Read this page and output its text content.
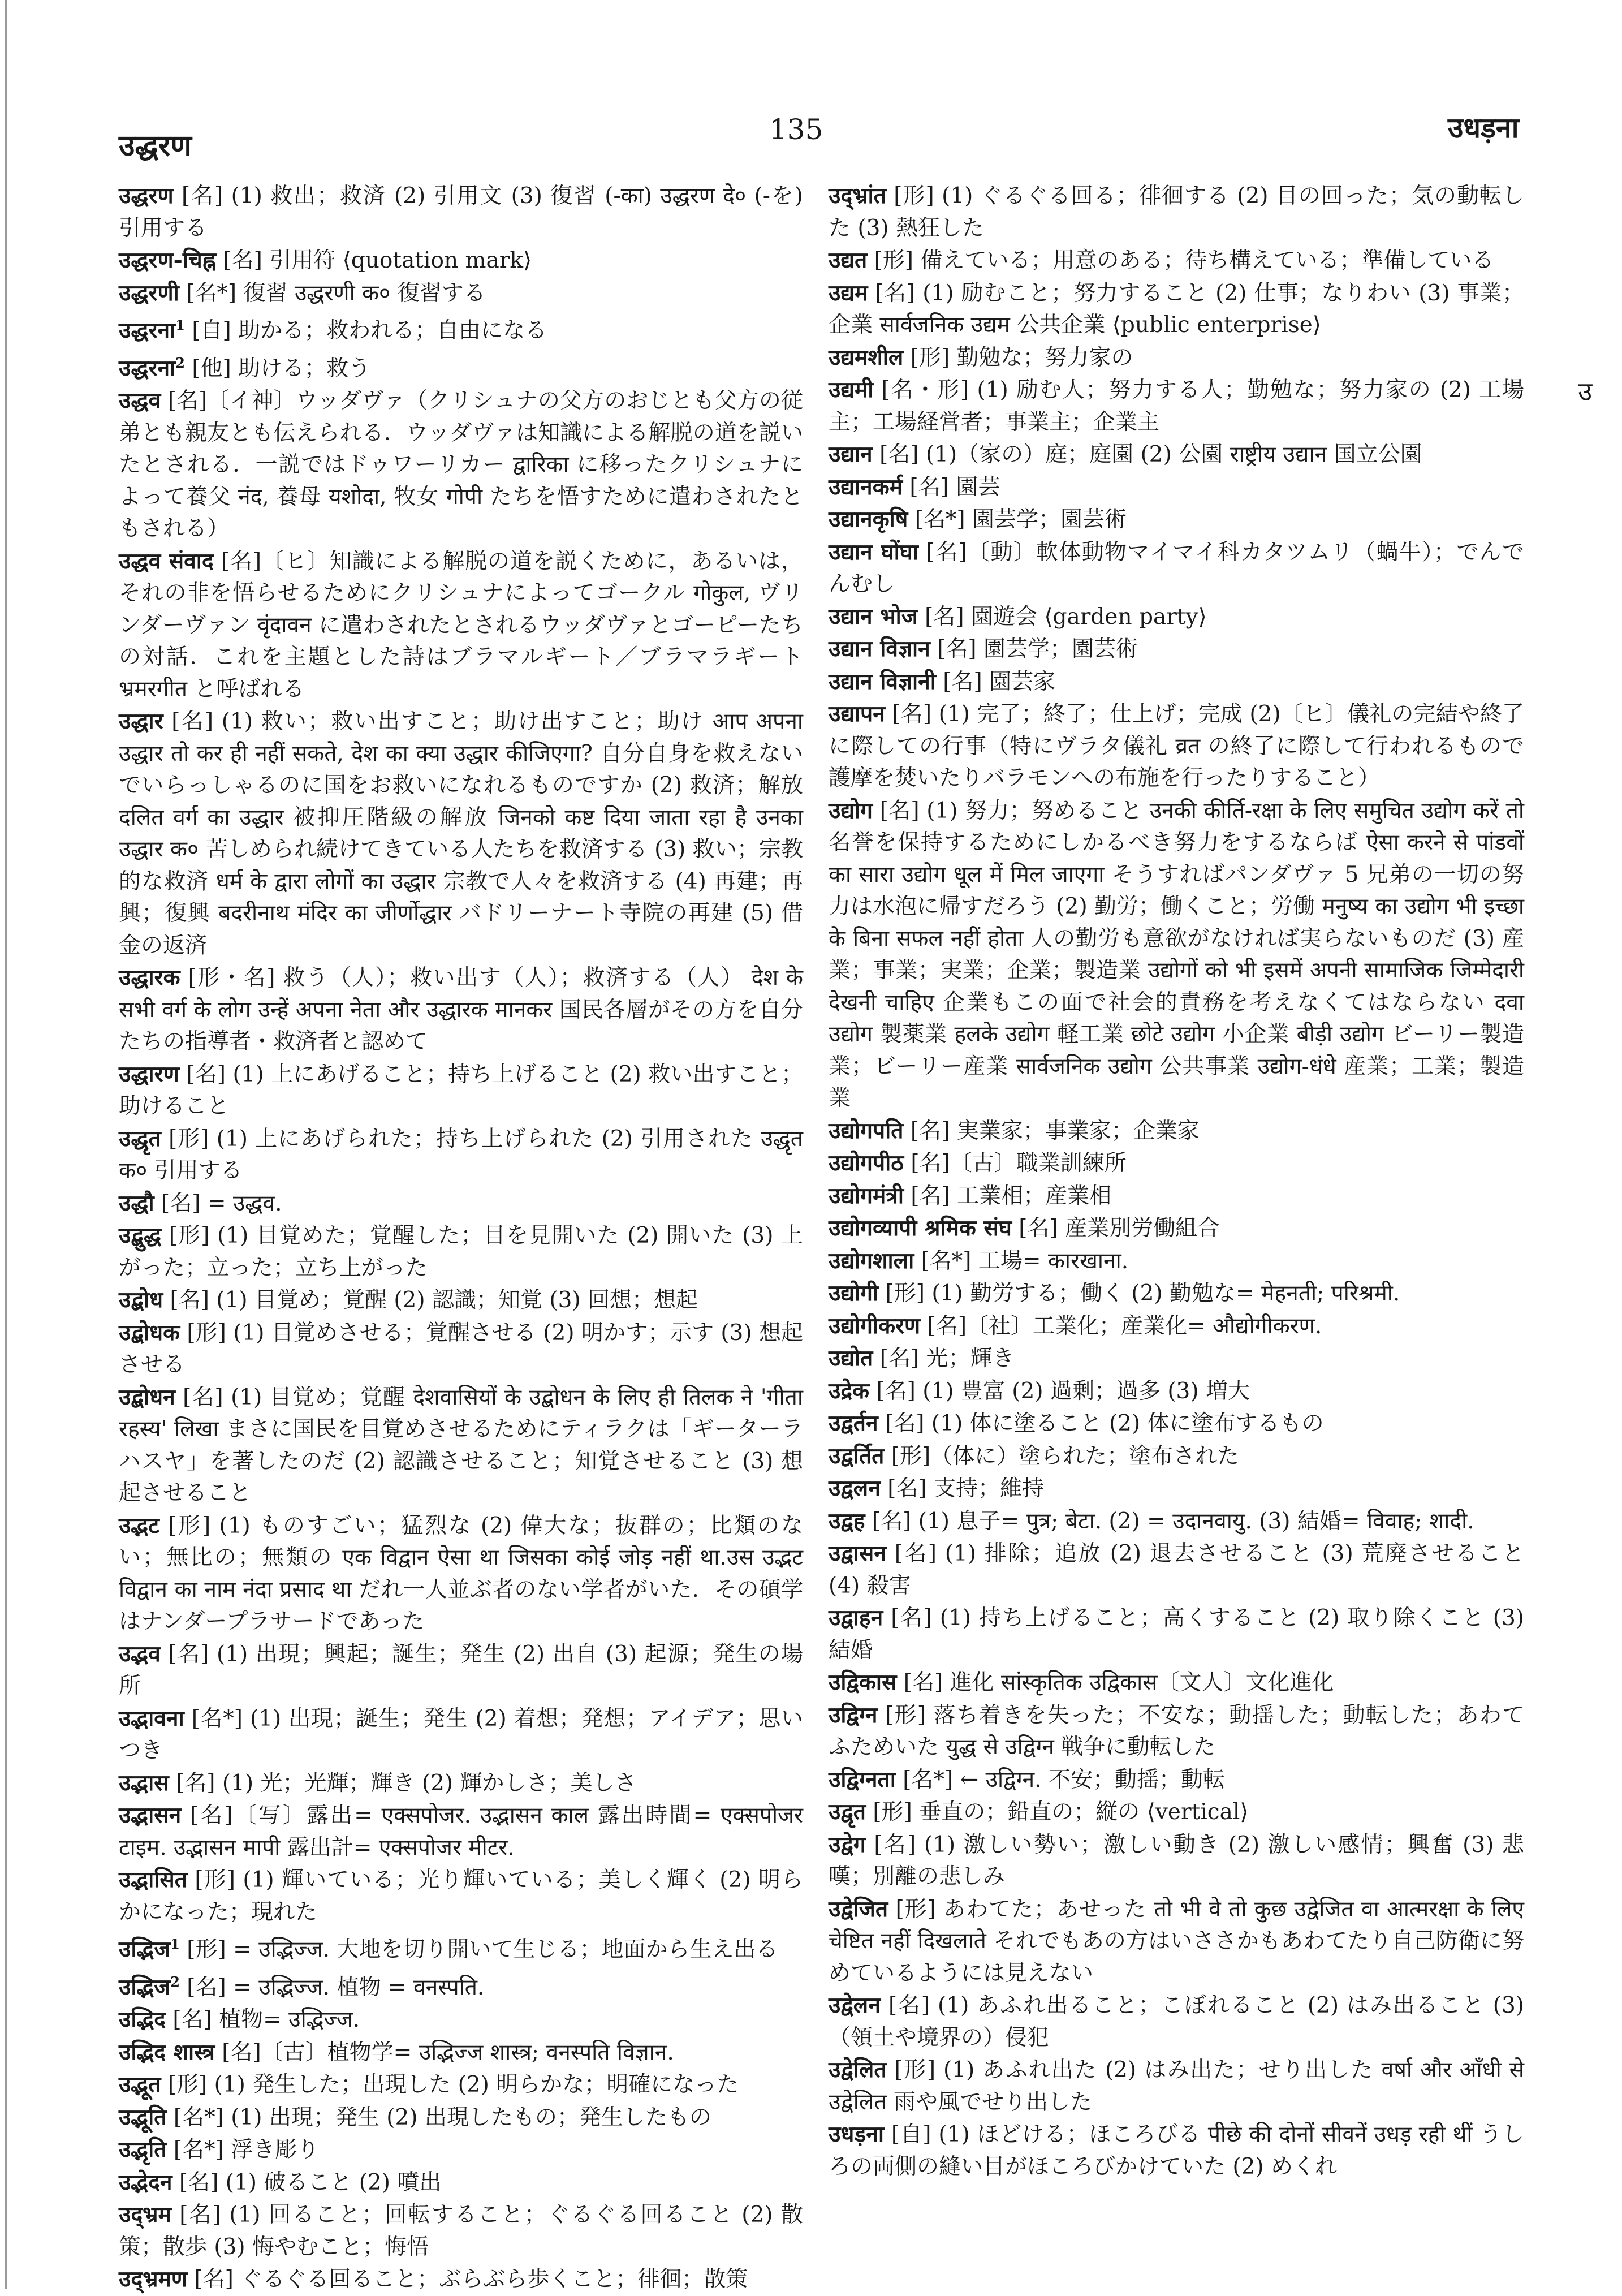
उद्धरण	135	उधड़ना
उ

उद्धरण [名] (1) 救出；救済 (2) 引用文 (3) 復習 (-का) उद्धरण दे० (-を) 引用する

उद्धरण-चिह्न [名] 引用符 ⟨quotation mark⟩

उद्धरणी [名*] 復習 उद्धरणी क० 復習する

उद्धरना$^1$ [自] 助かる；救われる；自由になる

उद्धरना$^2$ [他] 助ける；救う

उद्धव [名]〔イ神〕ウッダヴァ（クリシュナの父方のおじとも父方の従弟とも親友とも伝えられる．ウッダヴァは知識による解脱の道を説いたとされる．一説ではドゥワーリカー द्वारिका に移ったクリシュナによって養父 नंद, 養母 यशोदा, 牧女 गोपी たちを悟すために遣わされたともされる）

उद्धव संवाद [名]〔ヒ〕知識による解脱の道を説くために，あるいは，それの非を悟らせるためにクリシュナによってゴークル गोकुल, ヴリンダーヴァン वृंदावन に遣わされたとされるウッダヴァとゴーピーたちの対話．これを主題とした詩はブラマルギート／ブラマラギート भ्रमरगीत と呼ばれる

उद्धार [名] (1) 救い；救い出すこと；助け出すこと；助け आप अपना उद्धार तो कर ही नहीं सकते, देश का क्या उद्धार कीजिएगा? 自分自身を救えないでいらっしゃるのに国をお救いになれるものですか (2) 救済；解放 दलित वर्ग का उद्धार 被抑圧階級の解放 जिनको कष्ट दिया जाता रहा है उनका उद्धार क० 苦しめられ続けてきている人たちを救済する (3) 救い；宗教的な救済 धर्म के द्वारा लोगों का उद्धार 宗教で人々を救済する (4) 再建；再興；復興 बदरीनाथ मंदिर का जीर्णोद्धार バドリーナート寺院の再建 (5) 借金の返済

उद्धारक [形・名] 救う（人）；救い出す（人）；救済する（人） देश के सभी वर्ग के लोग उन्हें अपना नेता और उद्धारक मानकर 国民各層がその方を自分たちの指導者・救済者と認めて

उद्धारण [名] (1) 上にあげること；持ち上げること (2) 救い出すこと；助けること

उद्धृत [形] (1) 上にあげられた；持ち上げられた (2) 引用された उद्धृत क० 引用する

उद्धौ [名] = उद्धव.

उद्बुद्ध [形] (1) 目覚めた；覚醒した；目を見開いた (2) 開いた (3) 上がった；立った；立ち上がった

उद्बोध [名] (1) 目覚め；覚醒 (2) 認識；知覚 (3) 回想；想起

उद्बोधक [形] (1) 目覚めさせる；覚醒させる (2) 明かす；示す (3) 想起させる

उद्बोधन [名] (1) 目覚め；覚醒 देशवासियों के उद्बोधन के लिए ही तिलक ने 'गीता रहस्य' लिखा まさに国民を目覚めさせるためにティラクは「ギーターラハスヤ」を著したのだ (2) 認識させること；知覚させること (3) 想起させること

उद्भट [形] (1) ものすごい；猛烈な (2) 偉大な；抜群の；比類のない；無比の；無類の एक विद्वान ऐसा था जिसका कोई जोड़ नहीं था.उस उद्भट विद्वान का नाम नंदा प्रसाद था だれ一人並ぶ者のない学者がいた．その碩学はナンダープラサードであった

उद्भव [名] (1) 出現；興起；誕生；発生 (2) 出自 (3) 起源；発生の場所

उद्भावना [名*] (1) 出現；誕生；発生 (2) 着想；発想；アイデア；思いつき

उद्भास [名] (1) 光；光輝；輝き (2) 輝かしさ；美しさ

उद्भासन [名]〔写〕露出= एक्सपोजर. उद्भासन काल 露出時間= एक्सपोजर टाइम. उद्भासन मापी 露出計= एक्सपोजर मीटर.

उद्भासित [形] (1) 輝いている；光り輝いている；美しく輝く (2) 明らかになった；現れた

उद्भिज$^1$ [形] = उद्भिज्ज. 大地を切り開いて生じる；地面から生え出る

उद्भिज$^2$ [名] = उद्भिज्ज. 植物 = वनस्पति.

उद्भिद [名] 植物= उद्भिज्ज.

उद्भिद शास्त्र [名]〔古〕植物学= उद्भिज्ज शास्त्र; वनस्पति विज्ञान.

उद्भूत [形] (1) 発生した；出現した (2) 明らかな；明確になった

उद्भूति [名*] (1) 出現；発生 (2) 出現したもの；発生したもの

उद्भृति [名*] 浮き彫り

उद्भेदन [名] (1) 破ること (2) 噴出

उद्भ्रम [名] (1) 回ること；回転すること；ぐるぐる回ること (2) 散策；散歩 (3) 悔やむこと；悔悟

उद्भ्रमण [名] ぐるぐる回ること；ぶらぶら歩くこと；徘徊；散策

उद्भ्रांत [形] (1) ぐるぐる回る；徘徊する (2) 目の回った；気の動転した (3) 熱狂した

उद्यत [形] 備えている；用意のある；待ち構えている；準備している

उद्यम [名] (1) 励むこと；努力すること (2) 仕事；なりわい (3) 事業；企業 सार्वजनिक उद्यम 公共企業 ⟨public enterprise⟩

उद्यमशील [形] 勤勉な；努力家の

उद्यमी [名・形] (1) 励む人；努力する人；勤勉な；努力家の (2) 工場主；工場経営者；事業主；企業主

उद्यान [名] (1)（家の）庭；庭園 (2) 公園 राष्ट्रीय उद्यान 国立公園

उद्यानकर्म [名] 園芸

उद्यानकृषि [名*] 園芸学；園芸術

उद्यान घोंघा [名]〔動〕軟体動物マイマイ科カタツムリ（蝸牛）；でんでんむし

उद्यान भोज [名] 園遊会 ⟨garden party⟩

उद्यान विज्ञान [名] 園芸学；園芸術

उद्यान विज्ञानी [名] 園芸家

उद्यापन [名] (1) 完了；終了；仕上げ；完成 (2)〔ヒ〕儀礼の完結や終了に際しての行事（特にヴラタ儀礼 व्रत の終了に際して行われるもので護摩を焚いたりバラモンへの布施を行ったりすること）

उद्योग [名] (1) 努力；努めること उनकी कीर्ति-रक्षा के लिए समुचित उद्योग करें तो 名誉を保持するためにしかるべき努力をするならば ऐसा करने से पांडवों का सारा उद्योग धूल में मिल जाएगा そうすればパンダヴァ 5 兄弟の一切の努力は水泡に帰すだろう (2) 勤労；働くこと；労働 मनुष्य का उद्योग भी इच्छा के बिना सफल नहीं होता 人の勤労も意欲がなければ実らないものだ (3) 産業；事業；実業；企業；製造業 उद्योगों को भी इसमें अपनी सामाजिक जिम्मेदारी देखनी चाहिए 企業もこの面で社会的責務を考えなくてはならない दवा उद्योग 製薬業 हलके उद्योग 軽工業 छोटे उद्योग 小企業 बीड़ी उद्योग ビーリー製造業；ビーリー産業 सार्वजनिक उद्योग 公共事業 उद्योग-धंधे 産業；工業；製造業

उद्योगपति [名] 実業家；事業家；企業家

उद्योगपीठ [名]〔古〕職業訓練所

उद्योगमंत्री [名] 工業相；産業相

उद्योगव्यापी श्रमिक संघ [名] 産業別労働組合

उद्योगशाला [名*] 工場= कारखाना.

उद्योगी [形] (1) 勤労する；働く (2) 勤勉な= मेहनती; परिश्रमी.

उद्योगीकरण [名]〔社〕工業化；産業化= औद्योगीकरण.

उद्योत [名] 光；輝き

उद्रेक [名] (1) 豊富 (2) 過剰；過多 (3) 増大

उद्वर्तन [名] (1) 体に塗ること (2) 体に塗布するもの

उद्वर्तित [形]（体に）塗られた；塗布された

उद्वलन [名] 支持；維持

उद्वह [名] (1) 息子= पुत्र; बेटा. (2) = उदानवायु. (3) 結婚= विवाह; शादी.

उद्वासन [名] (1) 排除；追放 (2) 退去させること (3) 荒廃させること (4) 殺害

उद्वाहन [名] (1) 持ち上げること；高くすること (2) 取り除くこと (3) 結婚

उद्विकास [名] 進化 सांस्कृतिक उद्विकास〔文人〕文化進化

उद्विग्न [形] 落ち着きを失った；不安な；動揺した；動転した；あわてふためいた युद्ध से उद्विग्न 戦争に動転した

उद्विग्नता [名*] ← उद्विग्न. 不安；動揺；動転

उद्वृत [形] 垂直の；鉛直の；縦の ⟨vertical⟩

उद्वेग [名] (1) 激しい勢い；激しい動き (2) 激しい感情；興奮 (3) 悲嘆；別離の悲しみ

उद्वेजित [形] あわてた；あせった तो भी वे तो कुछ उद्वेजित वा आत्मरक्षा के लिए चेष्टित नहीं दिखलाते それでもあの方はいささかもあわてたり自己防衛に努めているようには見えない

उद्वेलन [名] (1) あふれ出ること；こぼれること (2) はみ出ること (3)（領土や境界の）侵犯

उद्वेलित [形] (1) あふれ出た (2) はみ出た；せり出した वर्षा और आँधी से उद्वेलित 雨や風でせり出した

उधड़ना [自] (1) ほどける；ほころびる पीछे की दोनों सीवनें उधड़ रही थीं うしろの両側の縫い目がほころびかけていた (2) めくれ
